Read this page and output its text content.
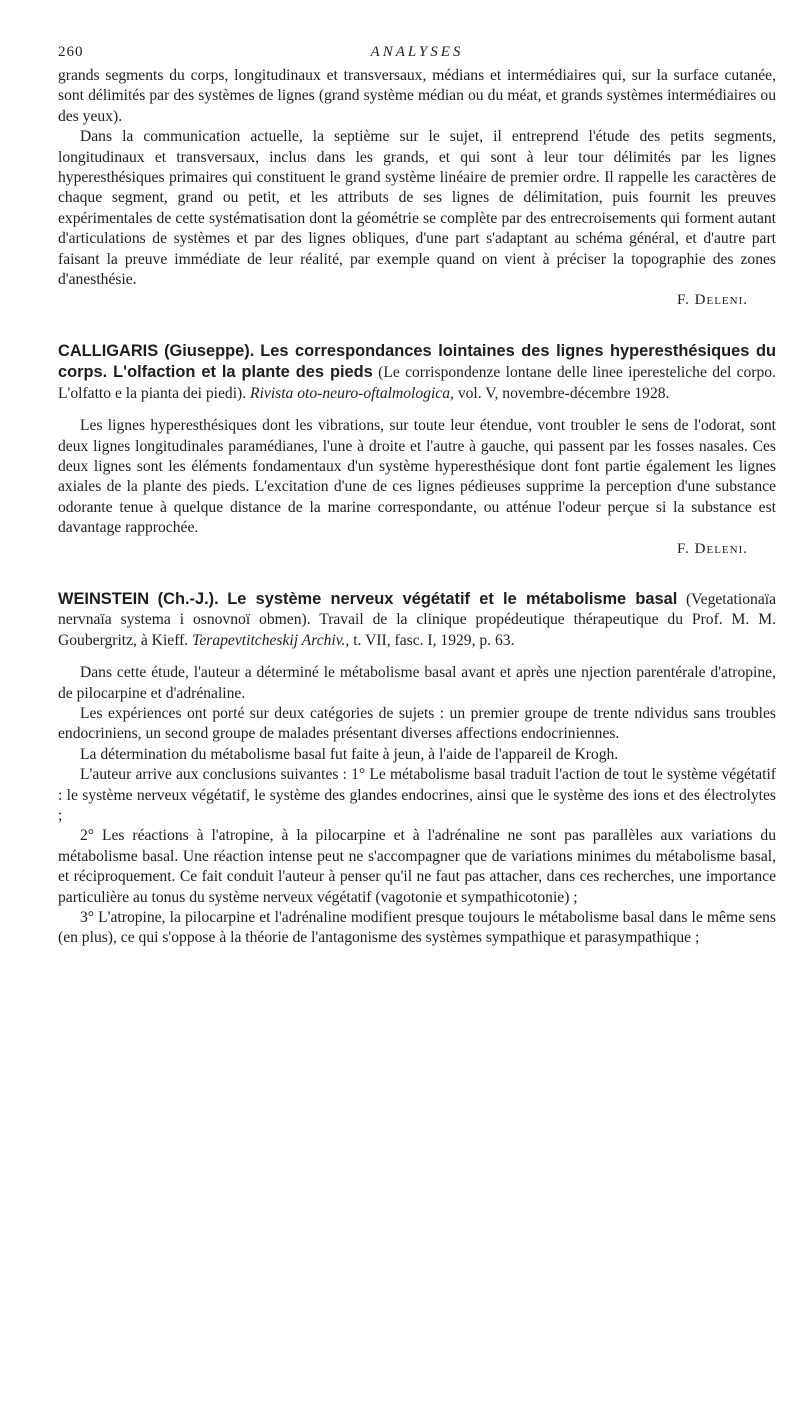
260	ANALYSES

grands segments du corps, longitudinaux et transversaux, médians et intermédiaires qui, sur la surface cutanée, sont délimités par des systèmes de lignes (grand système médian ou du méat, et grands systèmes intermédiaires ou des yeux).

Dans la communication actuelle, la septième sur le sujet, il entreprend l'étude des petits segments, longitudinaux et transversaux, inclus dans les grands, et qui sont à leur tour délimités par les lignes hyperesthésiques primaires qui constituent le grand système linéaire de premier ordre. Il rappelle les caractères de chaque segment, grand ou petit, et les attributs de ses lignes de délimitation, puis fournit les preuves expérimentales de cette systématisation dont la géométrie se complète par des entrecroisements qui forment autant d'articulations de systèmes et par des lignes obliques, d'une part s'adaptant au schéma général, et d'autre part faisant la preuve immédiate de leur réalité, par exemple quand on vient à préciser la topographie des zones d'anesthésie.

F. Deleni.
CALLIGARIS (Giuseppe). Les correspondances lointaines des lignes hyperesthésiques du corps. L'olfaction et la plante des pieds (Le corrispondenze lontane delle linee iperesteliche del corpo. L'olfatto e la pianta dei piedi). Rivista oto-neuro-oftalmologica, vol. V, novembre-décembre 1928.

Les lignes hyperesthésiques dont les vibrations, sur toute leur étendue, vont troubler le sens de l'odorat, sont deux lignes longitudinales paramédianes, l'une à droite et l'autre à gauche, qui passent par les fosses nasales. Ces deux lignes sont les éléments fondamentaux d'un système hyperesthésique dont font partie également les lignes axiales de la plante des pieds. L'excitation d'une de ces lignes pédieuses supprime la perception d'une substance odorante tenue à quelque distance de la marine correspondante, ou atténue l'odeur perçue si la substance est davantage rapprochée.

F. Deleni.
WEINSTEIN (Ch.-J.). Le système nerveux végétatif et le métabolisme basal (Vegetationaïa nervnaïa systema i osnovnoï obmen). Travail de la clinique propédeutique thérapeutique du Prof. M. M. Goubergritz, à Kieff. Terapevtitcheskij Archiv., t. VII, fasc. I, 1929, p. 63.

Dans cette étude, l'auteur a déterminé le métabolisme basal avant et après une njection parentérale d'atropine, de pilocarpine et d'adrénaline.

Les expériences ont porté sur deux catégories de sujets : un premier groupe de trente ndividus sans troubles endocriniens, un second groupe de malades présentant diverses affections endocriniennes.

La détermination du métabolisme basal fut faite à jeun, à l'aide de l'appareil de Krogh.

L'auteur arrive aux conclusions suivantes : 1° Le métabolisme basal traduit l'action de tout le système végétatif : le système nerveux végétatif, le système des glandes endocrines, ainsi que le système des ions et des électrolytes ;

2° Les réactions à l'atropine, à la pilocarpine et à l'adrénaline ne sont pas parallèles aux variations du métabolisme basal. Une réaction intense peut ne s'accompagner que de variations minimes du métabolisme basal, et réciproquement. Ce fait conduit l'auteur à penser qu'il ne faut pas attacher, dans ces recherches, une importance particulière au tonus du système nerveux végétatif (vagotonie et sympathicotonie) ;

3° L'atropine, la pilocarpine et l'adrénaline modifient presque toujours le métabolisme basal dans le même sens (en plus), ce qui s'oppose à la théorie de l'antagonisme des systèmes sympathique et parasympathique ;
